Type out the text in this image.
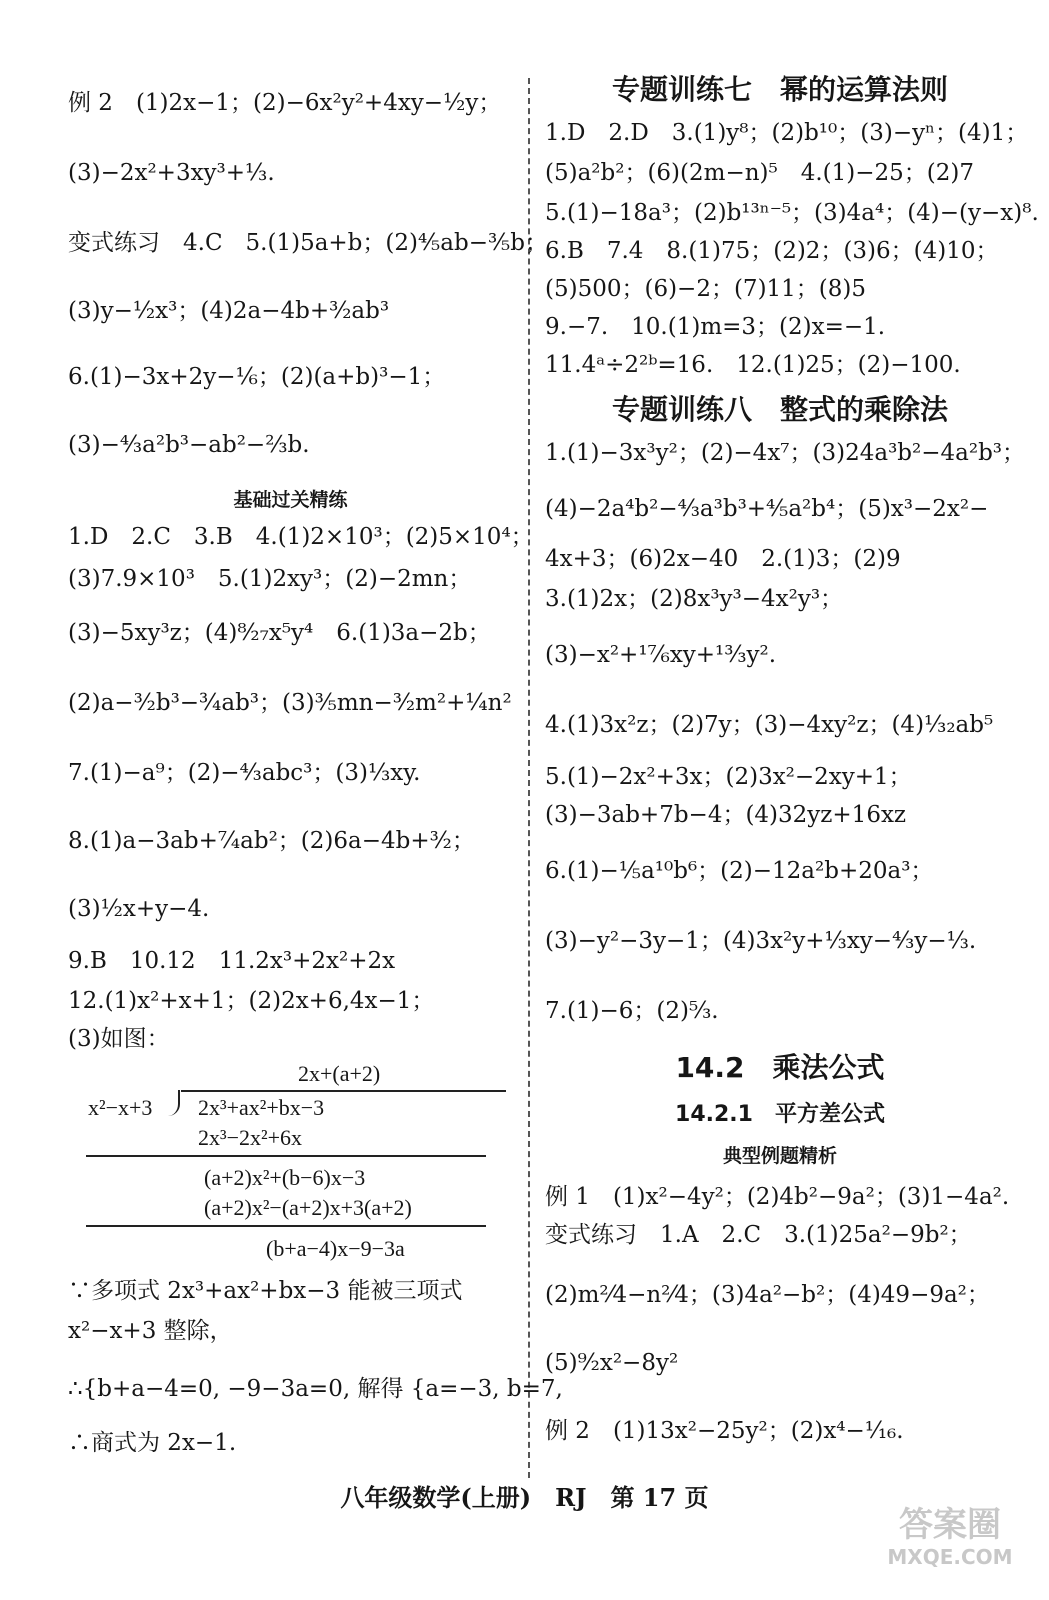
例 2　(1)2x−1；(2)−6x²y²+4xy−½y；
(3)−2x²+3xy³+⅓.
变式练习　4.C　5.(1)5a+b；(2)⁴⁄₅ab−³⁄₅b；
(3)y−½x³；(4)2a−4b+³⁄₂ab³
6.(1)−3x+2y−⅙；(2)(a+b)³−1；
(3)−⁴⁄₃a²b³−ab²−⅔b.
基础过关精练
1.D　2.C　3.B　4.(1)2×10³；(2)5×10⁴；
(3)7.9×10³　5.(1)2xy³；(2)−2mn；
(3)−5xy³z；(4)⁸⁄₂₇x⁵y⁴　6.(1)3a−2b；
(2)a−³⁄₂b³−¾ab³；(3)³⁄₅mn−³⁄₂m²+¼n²
7.(1)−a⁹；(2)−⁴⁄₃abc³；(3)⅓xy.
8.(1)a−3ab+⁷⁄₄ab²；(2)6a−4b+³⁄₂；
(3)½x+y−4.
9.B　10.12　11.2x³+2x²+2x
12.(1)x²+x+1；(2)2x+6,4x−1；
(3)如图：
2x+(a+2)
x²−x+3 2x³+ax²+bx−3
2x³−2x²+6x
(a+2)x²+(b−6)x−3
(a+2)x²−(a+2)x+3(a+2)
(b+a−4)x−9−3a
∵多项式 2x³+ax²+bx−3 能被三项式
x²−x+3 整除，
∴{b+a−4=0, −9−3a=0, 解得 {a=−3, b=7,
∴商式为 2x−1.
专题训练七　幂的运算法则
1.D　2.D　3.(1)y⁸；(2)b¹⁰；(3)−yⁿ；(4)1；
(5)a²b²；(6)(2m−n)⁵　4.(1)−25；(2)7
5.(1)−18a³；(2)b¹³ⁿ⁻⁵；(3)4a⁴；(4)−(y−x)⁸.
6.B　7.4　8.(1)75；(2)2；(3)6；(4)10；
(5)500；(6)−2；(7)11；(8)5
9.−7.　10.(1)m=3；(2)x=−1.
11.4ᵃ÷2²ᵇ=16.　12.(1)25；(2)−100.
专题训练八　整式的乘除法
1.(1)−3x³y²；(2)−4x⁷；(3)24a³b²−4a²b³；
(4)−2a⁴b²−⁴⁄₃a³b³+⁴⁄₅a²b⁴；(5)x³−2x²−
4x+3；(6)2x−40　2.(1)3；(2)9
3.(1)2x；(2)8x³y³−4x²y³；
(3)−x²+¹⁷⁄₆xy+¹³⁄₃y².
4.(1)3x²z；(2)7y；(3)−4xy²z；(4)¹⁄₃₂ab⁵
5.(1)−2x²+3x；(2)3x²−2xy+1；
(3)−3ab+7b−4；(4)32yz+16xz
6.(1)−⅕a¹⁰b⁶；(2)−12a²b+20a³；
(3)−y²−3y−1；(4)3x²y+⅓xy−⁴⁄₃y−⅓.
7.(1)−6；(2)⁵⁄₃.
14.2　乘法公式
14.2.1　平方差公式
典型例题精析
例 1　(1)x²−4y²；(2)4b²−9a²；(3)1−4a².
变式练习　1.A　2.C　3.(1)25a²−9b²；
(2)m²⁄4−n²⁄4；(3)4a²−b²；(4)49−9a²；
(5)⁹⁄₂x²−8y²
例 2　(1)13x²−25y²；(2)x⁴−¹⁄₁₆.
八年级数学(上册)　RJ　第 17 页
答案圈
MXQE.COM
